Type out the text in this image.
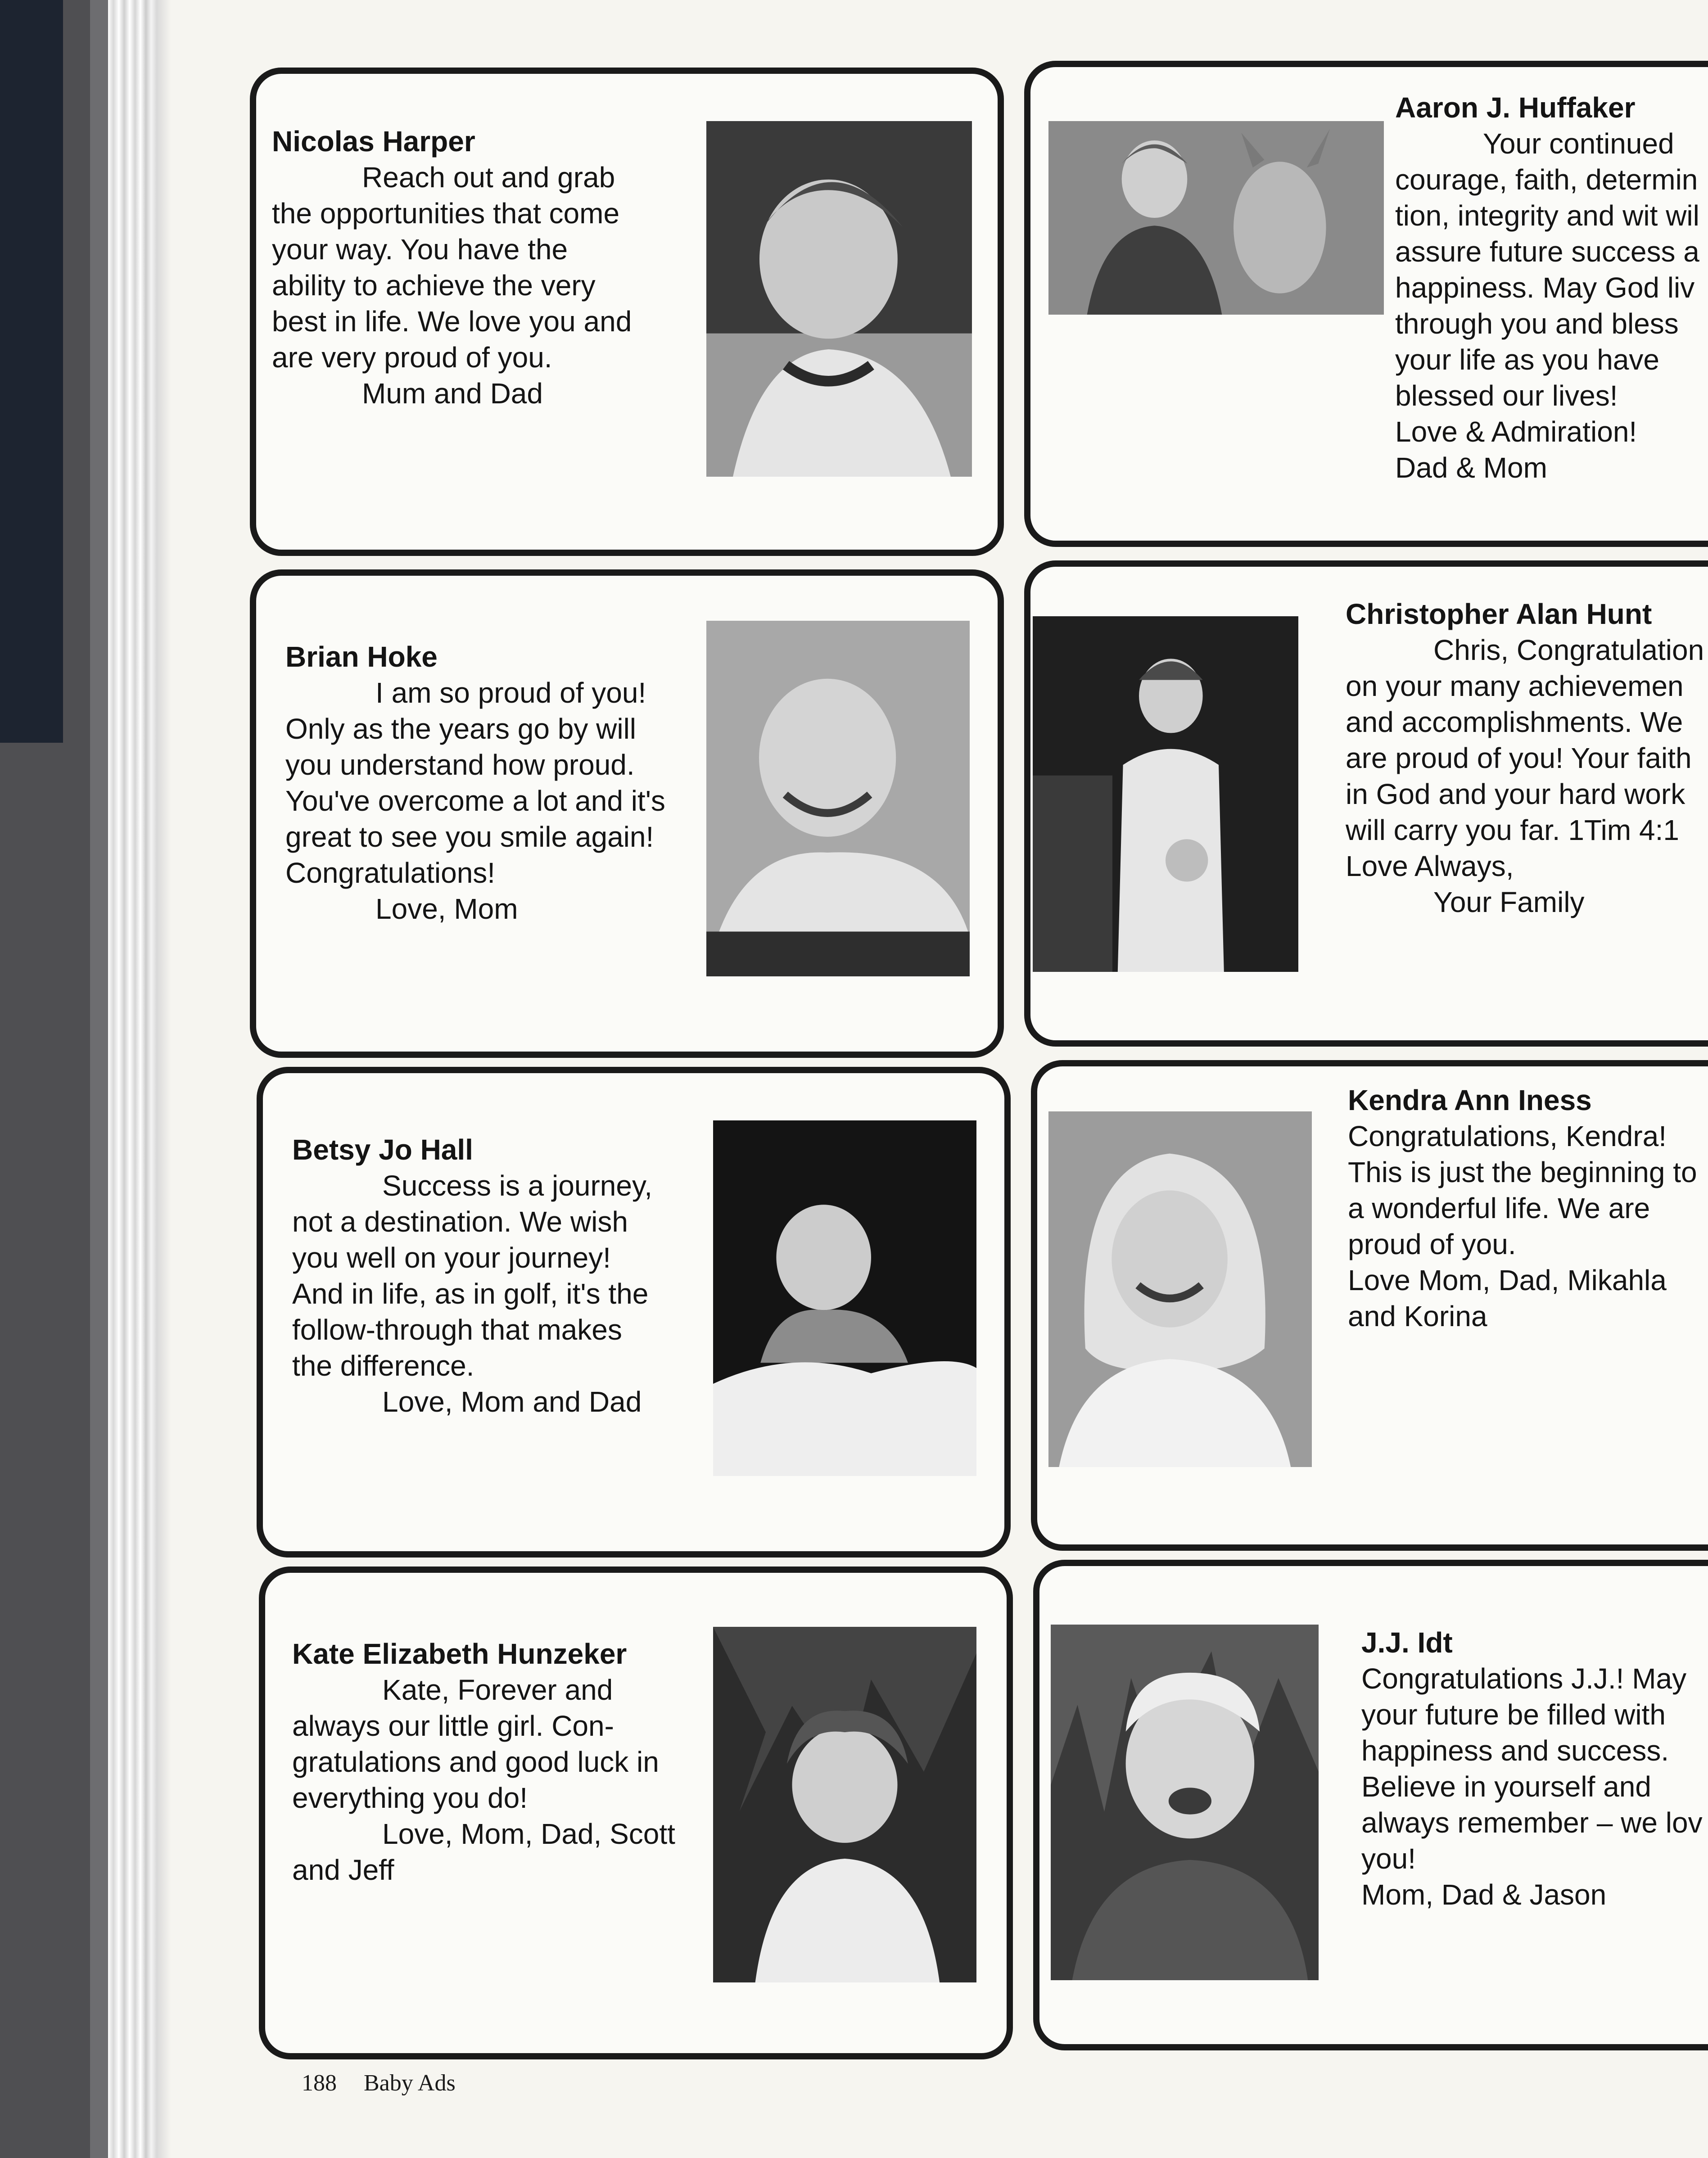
Nicolas Harper
Reach out and grab
the opportunities that come
your way. You have the
ability to achieve the very
best in life. We love you and
are very proud of you.
Mum and Dad
Aaron J. Huffaker
Your continued
courage, faith, determin
tion, integrity and wit wil
assure future success a
happiness. May God liv
through you and bless
your life as you have
blessed our lives!
Love & Admiration!
Dad & Mom
Brian Hoke
I am so proud of you!
Only as the years go by will
you understand how proud.
You've overcome a lot and it's
great to see you smile again!
Congratulations!
Love, Mom
Christopher Alan Hunt
Chris, Congratulation
on your many achievemen
and accomplishments. We
are proud of you! Your faith
in God and your hard work
will carry you far. 1Tim 4:1
Love Always,
Your Family
Betsy Jo Hall
Success is a journey,
not a destination. We wish
you well on your journey!
And in life, as in golf, it's the
follow-through that makes
the difference.
Love, Mom and Dad
Kendra Ann Iness
Congratulations, Kendra!
This is just the beginning to
a wonderful life. We are
proud of you.
Love Mom, Dad, Mikahla
and Korina
Kate Elizabeth Hunzeker
Kate, Forever and
always our little girl. Con-
gratulations and good luck in
everything you do!
Love, Mom, Dad, Scott
and Jeff
J.J. Idt
Congratulations J.J.! May
your future be filled with
happiness and success.
Believe in yourself and
always remember – we lov
you!
Mom, Dad & Jason
188 Baby Ads
